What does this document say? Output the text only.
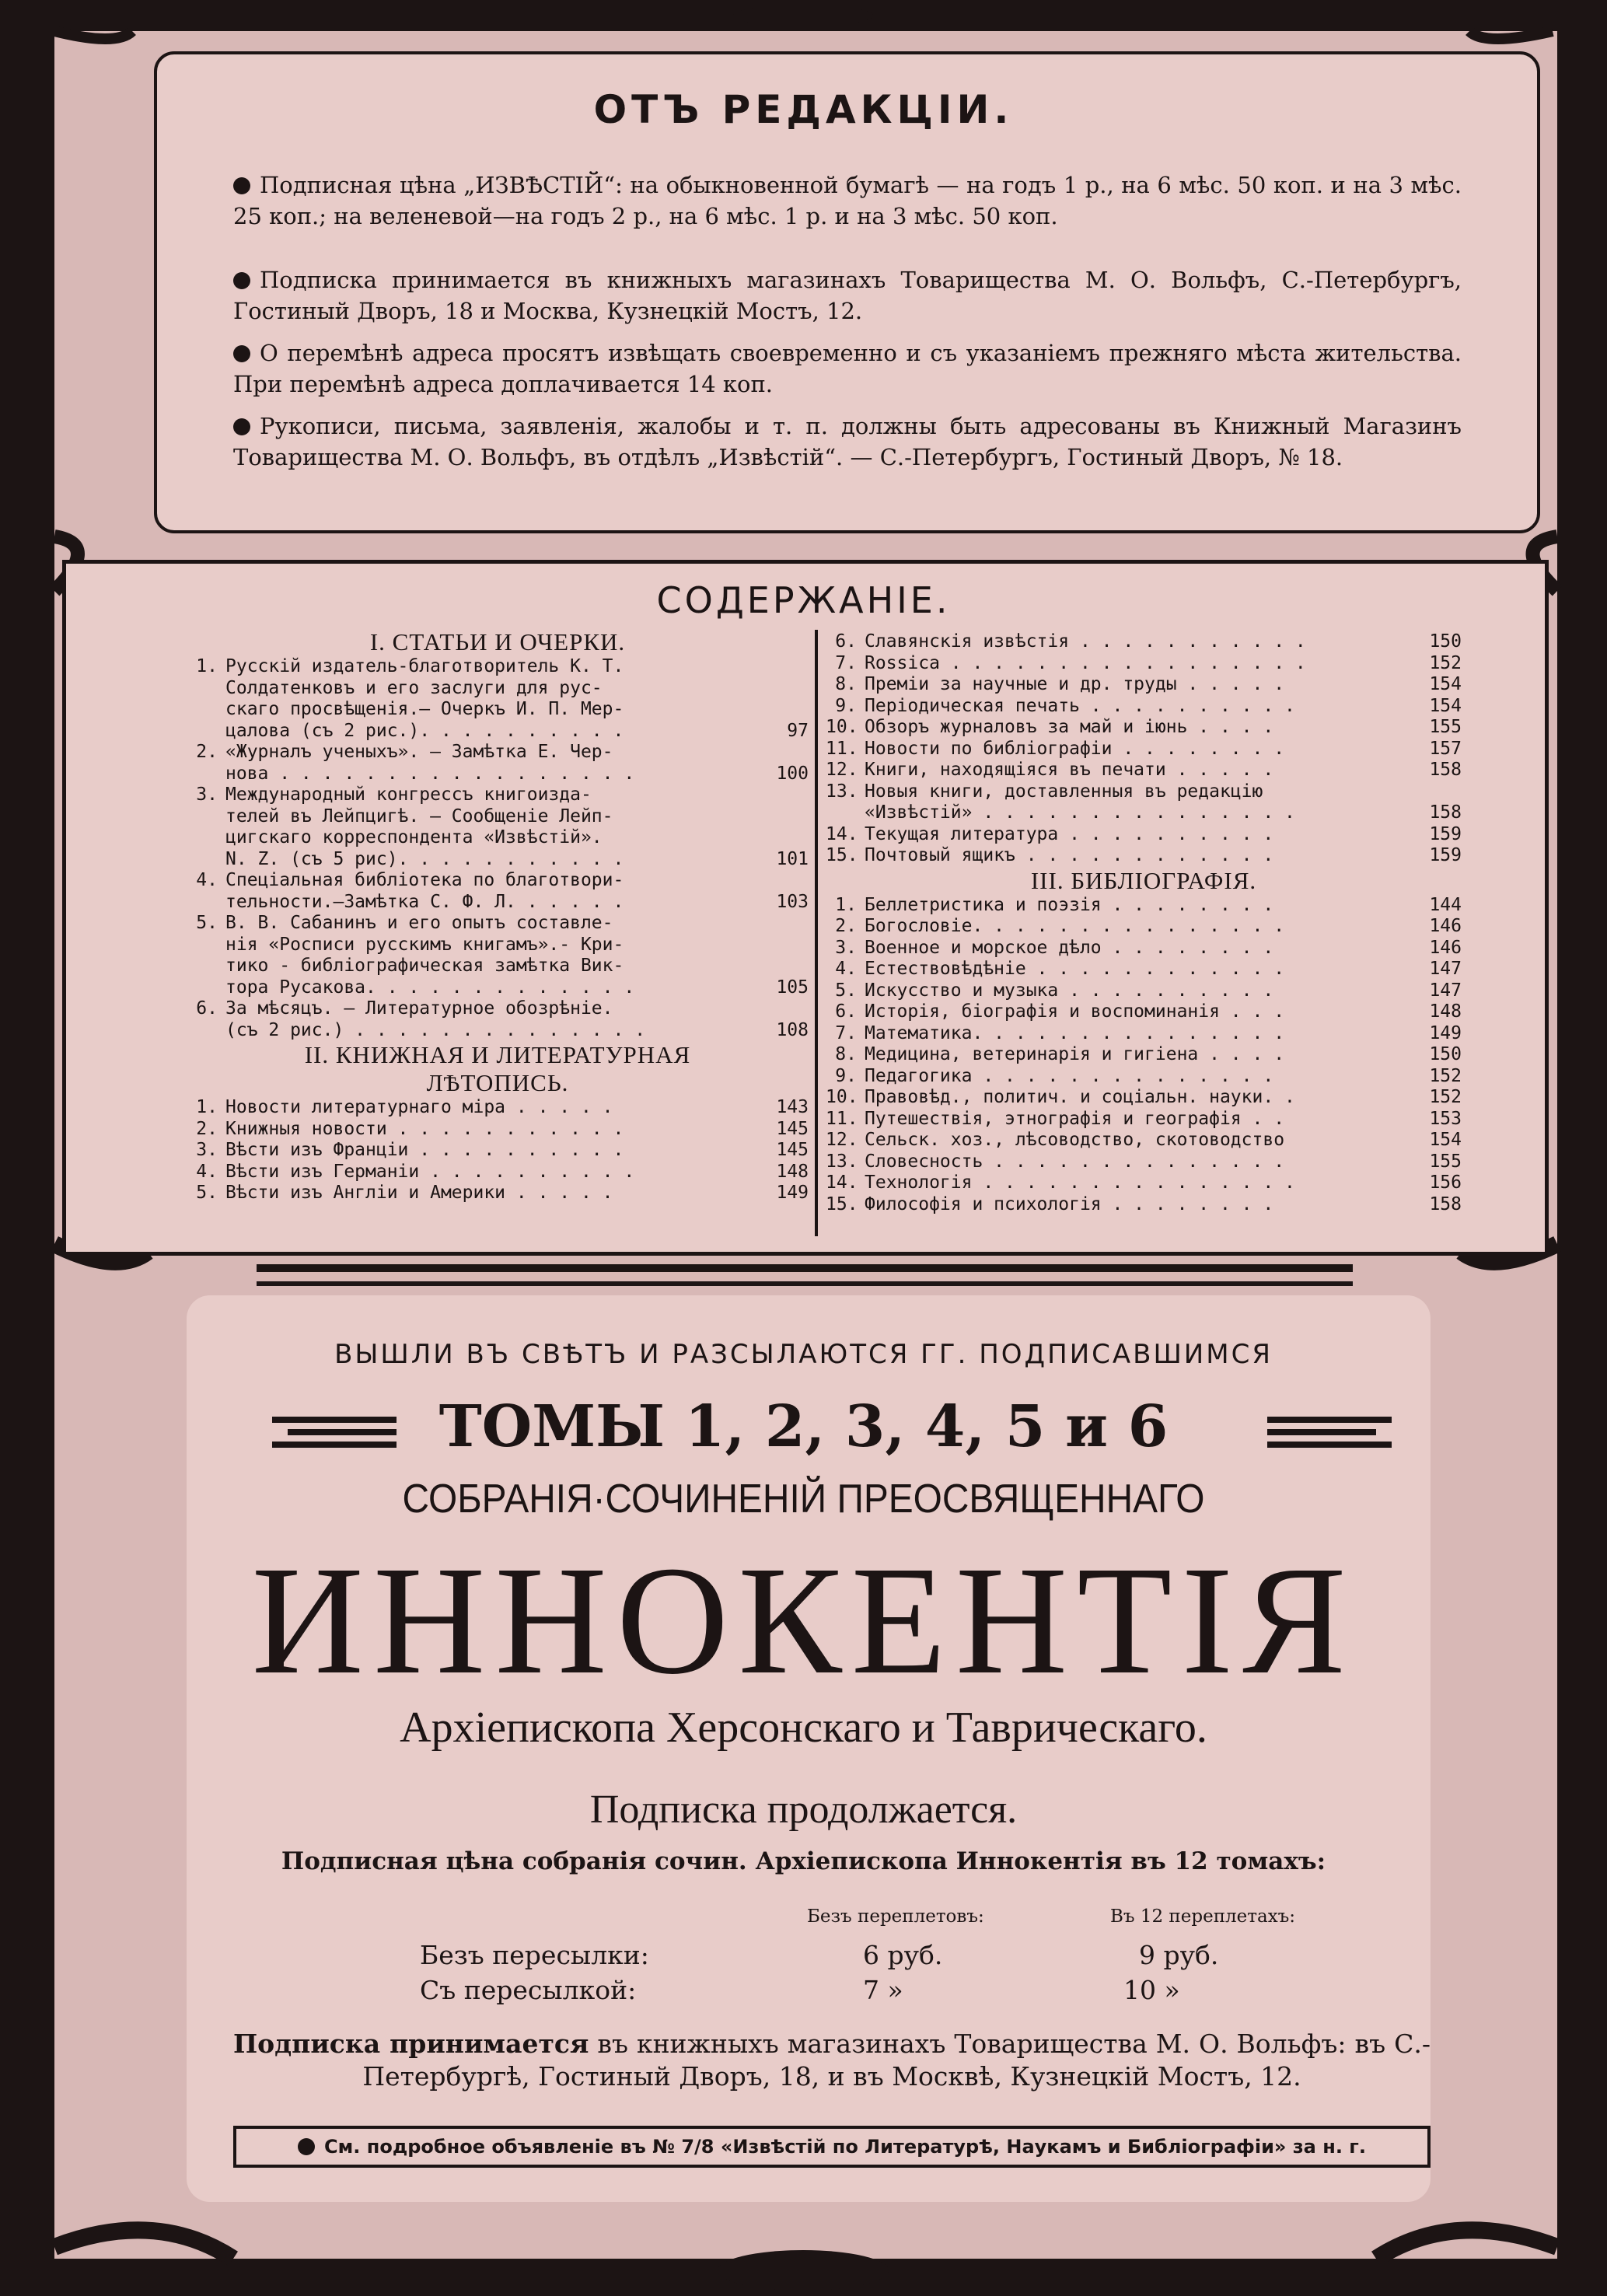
ОТЪ РЕДАКЦІИ.
Подписная цѣна „ИЗВѢСТІЙ“: на обыкновенной бумагѣ — на годъ 1 р., на 6 мѣс. 50 коп. и на 3 мѣс. 25 коп.; на веленевой—на годъ 2 р., на 6 мѣс. 1 р. и на 3 мѣс. 50 коп.
Подписка принимается въ книжныхъ магазинахъ Товарищества М. О. Вольфъ, С.-Петербургъ, Гостиный Дворъ, 18 и Москва, Кузнецкій Мостъ, 12.
О перемѣнѣ адреса просятъ извѣщать своевременно и съ указаніемъ прежняго мѣста жительства. При перемѣнѣ адреса доплачивается 14 коп.
Рукописи, письма, заявленія, жалобы и т. п. должны быть адресованы въ Книжный Магазинъ Товарищества М. О. Вольфъ, въ отдѣлъ „Извѣстій“. — С.-Петербургъ, Гостиный Дворъ, № 18.
СОДЕРЖАНІЕ.
I. СТАТЬИ И ОЧЕРКИ.
1. Русскій издатель-благотворитель К. Т.
Солдатенковъ и его заслуги для рус-
скаго просвѣщенія.— Очеркъ И. П. Мер-
цалова (съ 2 рис.). . . . . . . . . .	97
2. «Журналъ ученыхъ». — Замѣтка Е. Чер-
нова . . . . . . . . . . . . . . . . .	100
3. Международный конгрессъ книгоизда-
телей въ Лейпцигѣ. — Сообщеніе Лейп-
цигскаго корреспондента «Извѣстій».
N. Z. (съ 5 рис). . . . . . . . . . .	101
4. Спеціальная библіотека по благотвори-
тельности.—Замѣтка С. Ф. Л. . . . . .	103
5. В. В. Сабанинъ и его опытъ составле-
нія «Росписи русскимъ книгамъ».- Кри-
тико - библіографическая замѣтка Вик-
тора Русакова. . . . . . . . . . . . .	105
6. За мѣсяцъ. — Литературное обозрѣніе.
(съ 2 рис.) . . . . . . . . . . . . . .	108
II. КНИЖНАЯ И ЛИТЕРАТУРНАЯ
ЛѢТОПИСЬ.
1. Новости литературнаго міра . . . . .	143
2. Книжныя новости . . . . . . . . . . .	145
3. Вѣсти изъ Франціи . . . . . . . . . .	145
4. Вѣсти изъ Германіи . . . . . . . . . .	148
5. Вѣсти изъ Англіи и Америки . . . . .	149
6. Славянскія извѣстія . . . . . . . . . . .	150
7. Rossica . . . . . . . . . . . . . . . . .	152
8. Преміи за научные и др. труды . . . . .	154
9. Періодическая печать . . . . . . . . . .	154
10. Обзоръ журналовъ за май и іюнь . . . .	155
11. Новости по библіографіи . . . . . . . .	157
12. Книги, находящіяся въ печати . . . . .	158
13. Новыя книги, доставленныя въ редакцію
«Извѣстій» . . . . . . . . . . . . . . .	158
14. Текущая литература . . . . . . . . . .	159
15. Почтовый ящикъ . . . . . . . . . . . .	159
III. БИБЛІОГРАФІЯ.
1. Беллетристика и поэзія . . . . . . . .	144
2. Богословіе. . . . . . . . . . . . . . .	146
3. Военное и морское дѣло . . . . . . . .	146
4. Естествовѣдѣніе . . . . . . . . . . . .	147
5. Искусство и музыка . . . . . . . . . .	147
6. Исторія, біографія и воспоминанія . . .	148
7. Математика. . . . . . . . . . . . . . .	149
8. Медицина, ветеринарія и гигіена . . . .	150
9. Педагогика . . . . . . . . . . . . . .	152
10. Правовѣд., политич. и соціальн. науки. .	152
11. Путешествія, этнографія и географія . .	153
12. Сельск. хоз., лѣсоводство, скотоводство	154
13. Словесность . . . . . . . . . . . . . .	155
14. Технологія . . . . . . . . . . . . . . .	156
15. Философія и психологія . . . . . . . .	158
ВЫШЛИ ВЪ СВѢТЪ И РАЗСЫЛАЮТСЯ ГГ. ПОДПИСАВШИМСЯ
ТОМЫ 1, 2, 3, 4, 5 и 6
СОБРАНІЯ·СОЧИНЕНІЙ ПРЕОСВЯЩЕННАГО
ИННОКЕНТІЯ
Архіепископа Херсонскаго и Таврическаго.
Подписка продолжается.
Подписная цѣна собранія сочин. Архіепископа Иннокентія въ 12 томахъ:
Безъ переплетовъ:	Въ 12 переплетахъ:
Безъ пересылки:	6 руб.	9 руб.
Съ пересылкой:	7 »	10 »
Подписка принимается въ книжныхъ магазинахъ Товарищества М. О. Вольфъ: въ С.-Петербургѣ, Гостиный Дворъ, 18, и въ Москвѣ, Кузнецкій Мостъ, 12.
См. подробное объявленіе въ № 7/8 «Извѣстій по Литературѣ, Наукамъ и Библіографіи» за н. г.
